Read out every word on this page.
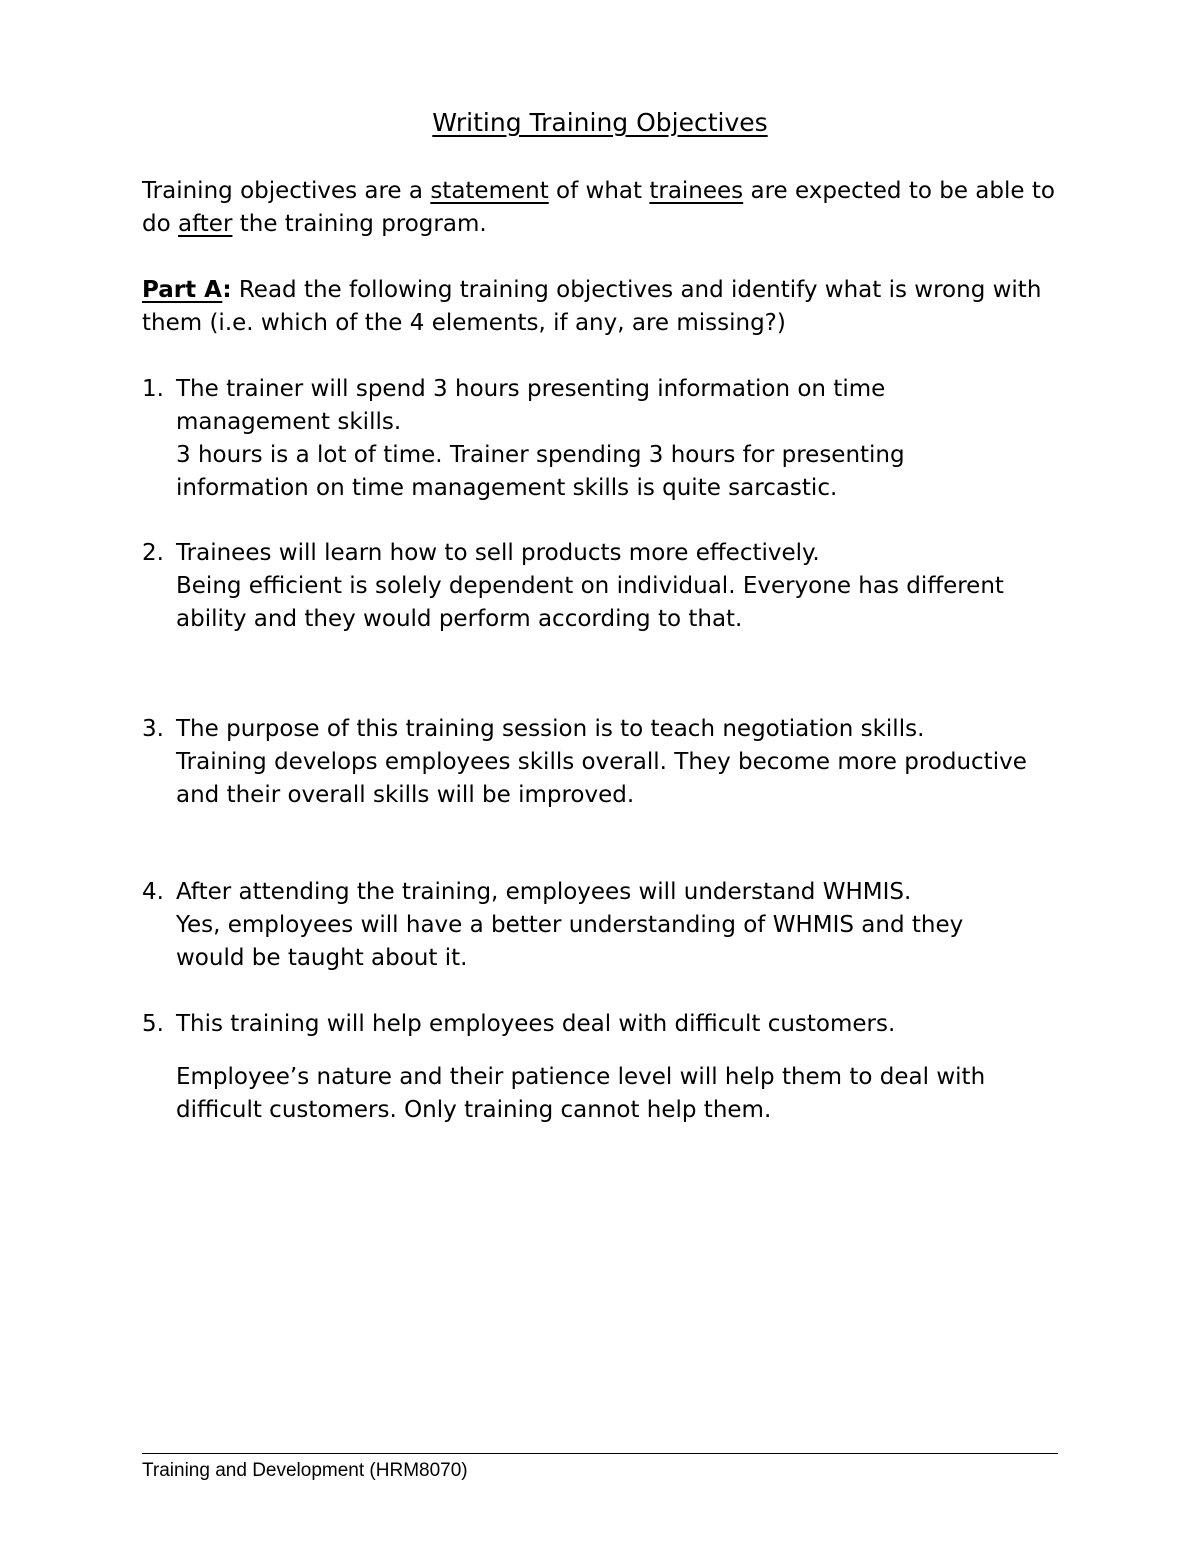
Writing Training Objectives
Training objectives are a statement of what trainees are expected to be able to do after the training program.
Part A: Read the following training objectives and identify what is wrong with them (i.e. which of the 4 elements, if any, are missing?)
1. The trainer will spend 3 hours presenting information on time management skills.
3 hours is a lot of time. Trainer spending 3 hours for presenting information on time management skills is quite sarcastic.
2. Trainees will learn how to sell products more effectively.
Being efficient is solely dependent on individual. Everyone has different ability and they would perform according to that.
3. The purpose of this training session is to teach negotiation skills.
Training develops employees skills overall. They become more productive and their overall skills will be improved.
4. After attending the training, employees will understand WHMIS.
Yes, employees will have a better understanding of WHMIS and they would be taught about it.
5. This training will help employees deal with difficult customers.
Employee’s nature and their patience level will help them to deal with difficult customers. Only training cannot help them.
Training and Development (HRM8070)
